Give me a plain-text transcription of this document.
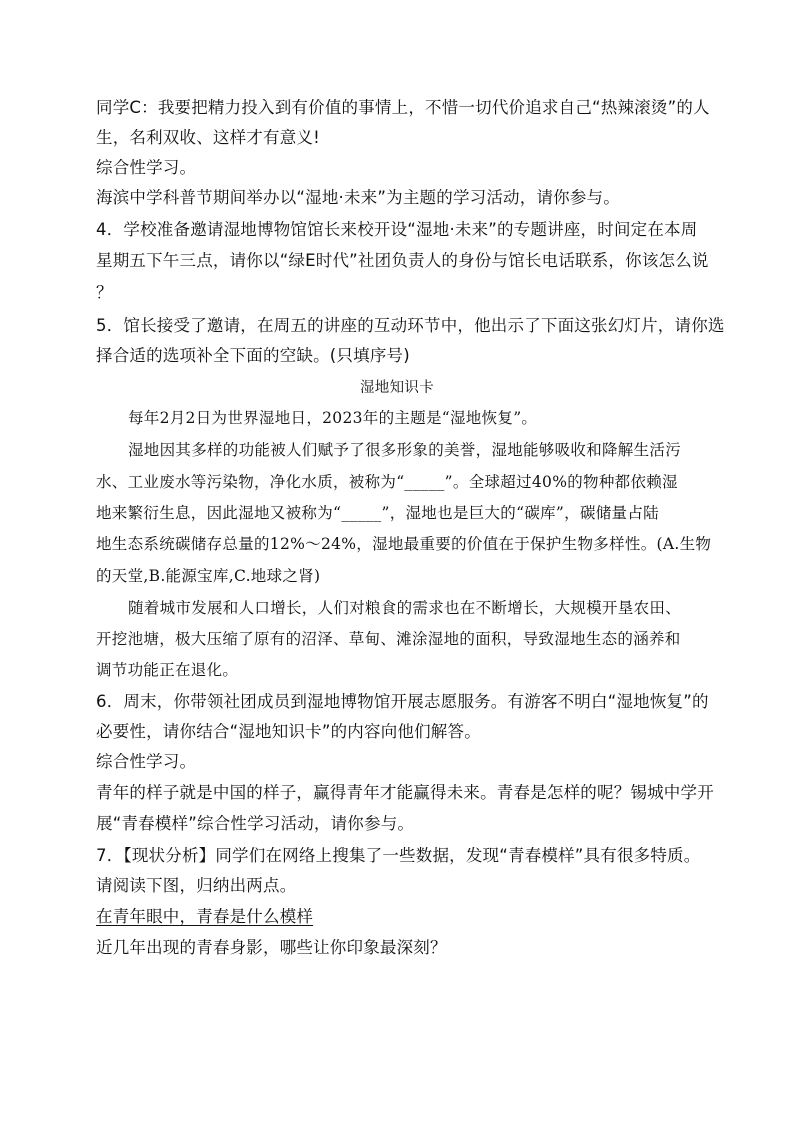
同学C：我要把精力投入到有价值的事情上，不惜一切代价追求自己“热辣滚烫”的人
生，名利双收、这样才有意义!
综合性学习。
海滨中学科普节期间举办以“湿地·未来”为主题的学习活动，请你参与。
4．学校准备邀请湿地博物馆馆长来校开设“湿地·未来”的专题讲座，时间定在本周
星期五下午三点，请你以“绿E时代”社团负责人的身份与馆长电话联系，你该怎么说
？
5．馆长接受了邀请，在周五的讲座的互动环节中，他出示了下面这张幻灯片，请你选
择合适的选项补全下面的空缺。(只填序号)
湿地知识卡
每年2月2日为世界湿地日，2023年的主题是“湿地恢复”。
湿地因其多样的功能被人们赋予了很多形象的美誉，湿地能够吸收和降解生活污
水、工业废水等污染物，净化水质，被称为“_____”。全球超过40%的物种都依赖湿
地来繁衍生息，因此湿地又被称为“_____”，湿地也是巨大的“碳库”，碳储量占陆
地生态系统碳储存总量的12%～24%，湿地最重要的价值在于保护生物多样性。(A.生物
的天堂,B.能源宝库,C.地球之肾)
随着城市发展和人口增长，人们对粮食的需求也在不断增长，大规模开垦农田、
开挖池塘，极大压缩了原有的沼泽、草甸、滩涂湿地的面积，导致湿地生态的涵养和
调节功能正在退化。
6．周末，你带领社团成员到湿地博物馆开展志愿服务。有游客不明白“湿地恢复”的
必要性，请你结合“湿地知识卡”的内容向他们解答。
综合性学习。
青年的样子就是中国的样子，赢得青年才能赢得未来。青春是怎样的呢？锡城中学开
展“青春模样”综合性学习活动，请你参与。
7．【现状分析】同学们在网络上搜集了一些数据，发现“青春模样”具有很多特质。
请阅读下图，归纳出两点。
在青年眼中，青春是什么模样
近几年出现的青春身影，哪些让你印象最深刻？
